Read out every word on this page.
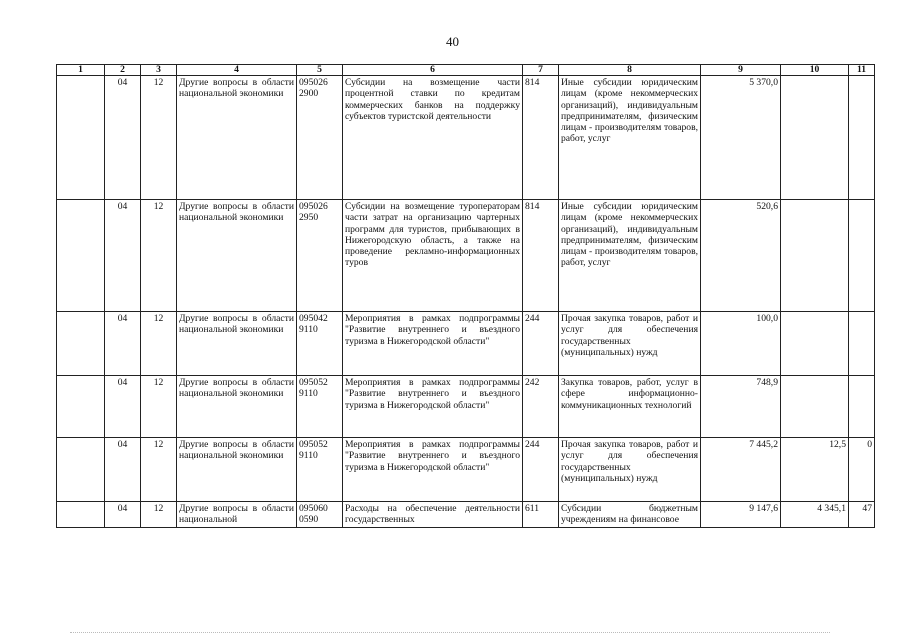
40
1	2	3	4	5	6	7	8	9	10	11
	04	12	Другие вопросы в области национальной экономики	095026 2900	Субсидии на возмещение части процентной ставки по кредитам коммерческих банков на поддержку субъектов туристской деятельности	814	Иные субсидии юридическим лицам (кроме некоммерческих организаций), индивидуальным предпринимателям, физическим лицам - производителям товаров, работ, услуг	5 370,0		
	04	12	Другие вопросы в области национальной экономики	095026 2950	Субсидии на возмещение туроператорам части затрат на организацию чартерных программ для туристов, прибывающих в Нижегородскую область, а также на проведение рекламно-информационных туров	814	Иные субсидии юридическим лицам (кроме некоммерческих организаций), индивидуальным предпринимателям, физическим лицам - производителям товаров, работ, услуг	520,6		
	04	12	Другие вопросы в области национальной экономики	095042 9110	Мероприятия в рамках подпрограммы "Развитие внутреннего и въездного туризма в Нижегородской области"	244	Прочая закупка товаров, работ и услуг для обеспечения государственных (муниципальных) нужд	100,0		
	04	12	Другие вопросы в области национальной экономики	095052 9110	Мероприятия в рамках подпрограммы "Развитие внутреннего и въездного туризма в Нижегородской области"	242	Закупка товаров, работ, услуг в сфере информационно-коммуникационных технологий	748,9		
	04	12	Другие вопросы в области национальной экономики	095052 9110	Мероприятия в рамках подпрограммы "Развитие внутреннего и въездного туризма в Нижегородской области"	244	Прочая закупка товаров, работ и услуг для обеспечения государственных (муниципальных) нужд	7 445,2	12,5	0
	04	12	Другие вопросы в области национальной	095060 0590	Расходы на обеспечение деятельности государственных	611	Субсидии бюджетным учреждениям на финансовое	9 147,6	4 345,1	47
